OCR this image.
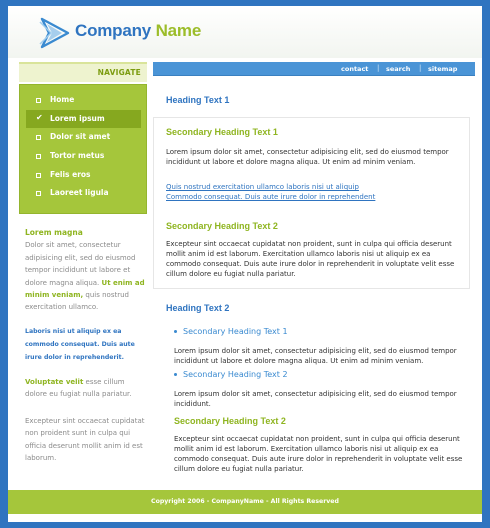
Company Name
NAVIGATE
Home
✔ Lorem ipsum
Dolor sit amet
Tortor metus
Felis eros
Laoreet ligula
Lorem magna
Dolor sit amet, consectetur adipisicing elit, sed do eiusmod tempor incididunt ut labore et dolore magna aliqua. Ut enim ad minim veniam, quis nostrud exercitation ullamco.
Laboris nisi ut aliquip ex ea commodo consequat. Duis aute irure dolor in reprehenderit.
Voluptate velit esse cillum dolore eu fugiat nulla pariatur.
Excepteur sint occaecat cupidatat non proident sunt in culpa qui officia deserunt mollit anim id est laborum.
contact | search | sitemap
Heading Text 1
Secondary Heading Text 1
Lorem ipsum dolor sit amet, consectetur adipisicing elit, sed do eiusmod tempor incididunt ut labore et dolore magna aliqua. Ut enim ad minim veniam.
Quis nostrud exercitation ullamco laboris nisi ut aliquip
Commodo consequat. Duis aute irure dolor in reprehendent
Secondary Heading Text 2
Excepteur sint occaecat cupidatat non proident, sunt in culpa qui officia deserunt mollit anim id est laborum. Exercitation ullamco laboris nisi ut aliquip ex ea commodo consequat. Duis aute irure dolor in reprehenderit in voluptate velit esse cillum dolore eu fugiat nulla pariatur.
Heading Text 2
Secondary Heading Text 1
Lorem ipsum dolor sit amet, consectetur adipisicing elit, sed do eiusmod tempor incididunt ut labore et dolore magna aliqua. Ut enim ad minim veniam.
Secondary Heading Text 2
Lorem ipsum dolor sit amet, consectetur adipisicing elit, sed do eiusmod tempor incididunt.
Secondary Heading Text 2
Excepteur sint occaecat cupidatat non proident, sunt in culpa qui officia deserunt mollit anim id est laborum. Exercitation ullamco laboris nisi ut aliquip ex ea commodo consequat. Duis aute irure dolor in reprehenderit in voluptate velit esse cillum dolore eu fugiat nulla pariatur.
Copyright 2006 - CompanyName - All Rights Reserved
